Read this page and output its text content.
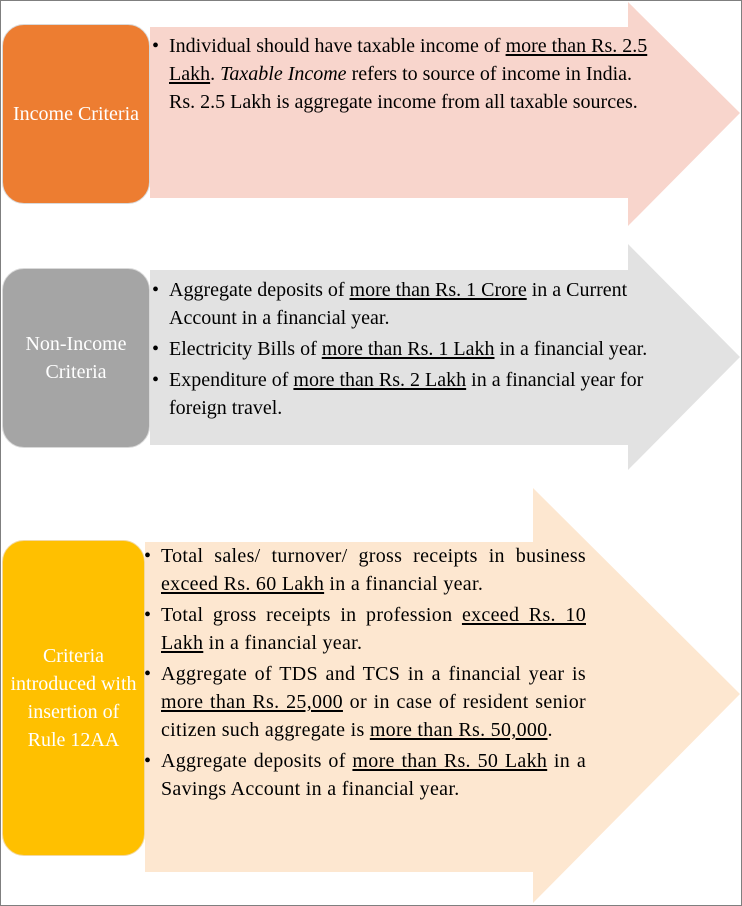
Income Criteria
Non-Income Criteria
Criteria introduced with insertion of Rule 12AA
• Individual should have taxable income of more than Rs. 2.5 Lakh. Taxable Income refers to source of income in India. Rs. 2.5 Lakh is aggregate income from all taxable sources.
• Aggregate deposits of more than Rs. 1 Crore in a Current Account in a financial year.
• Electricity Bills of more than Rs. 1 Lakh in a financial year.
• Expenditure of more than Rs. 2 Lakh in a financial year for foreign travel.
• Total sales/ turnover/ gross receipts in business exceed Rs. 60 Lakh in a financial year.
• Total gross receipts in profession exceed Rs. 10 Lakh in a financial year.
• Aggregate of TDS and TCS in a financial year is more than Rs. 25,000 or in case of resident senior citizen such aggregate is more than Rs. 50,000.
• Aggregate deposits of more than Rs. 50 Lakh in a Savings Account in a financial year.
